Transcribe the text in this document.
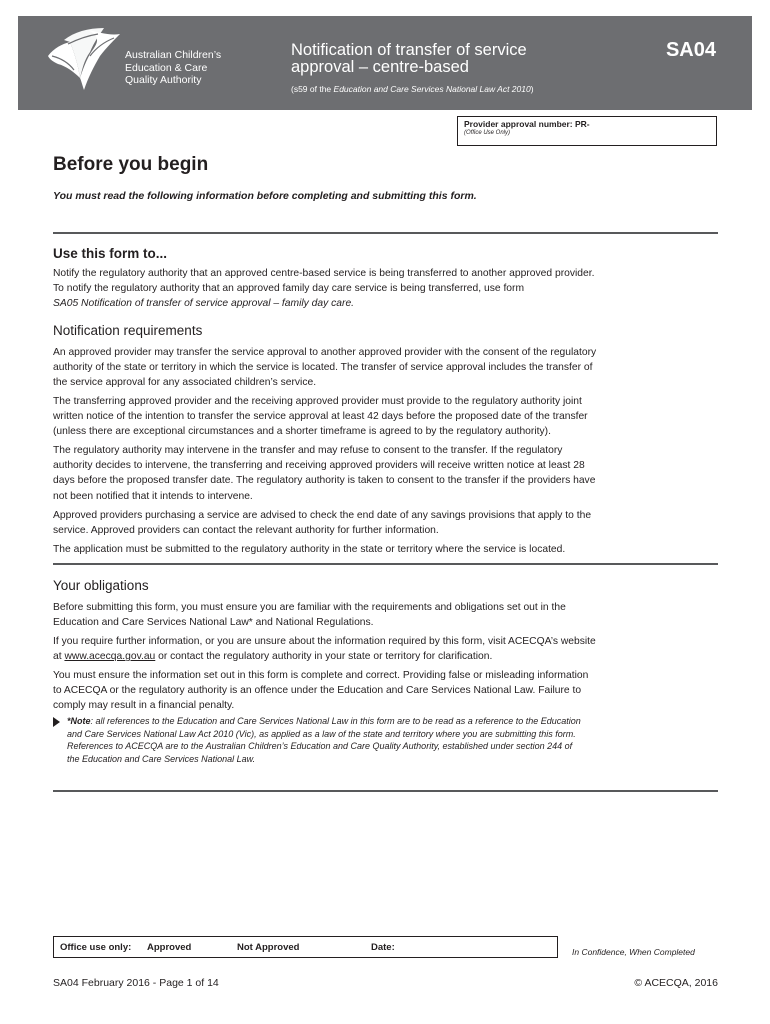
Australian Children’s
Education & Care
Quality Authority
Notification of transfer of service
approval – centre-based
(s59 of the Education and Care Services National Law Act 2010)
SA04
Provider approval number: PR-
(Office Use Only)
Before you begin
You must read the following information before completing and submitting this form.
Use this form to...
Notify the regulatory authority that an approved centre-based service is being transferred to another approved provider.
To notify the regulatory authority that an approved family day care service is being transferred, use form
SA05 Notification of transfer of service approval – family day care.
Notification requirements
An approved provider may transfer the service approval to another approved provider with the consent of the regulatory
authority of the state or territory in which the service is located. The transfer of service approval includes the transfer of
the service approval for any associated children’s service.
The transferring approved provider and the receiving approved provider must provide to the regulatory authority joint
written notice of the intention to transfer the service approval at least 42 days before the proposed date of the transfer
(unless there are exceptional circumstances and a shorter timeframe is agreed to by the regulatory authority).
The regulatory authority may intervene in the transfer and may refuse to consent to the transfer. If the regulatory
authority decides to intervene, the transferring and receiving approved providers will receive written notice at least 28
days before the proposed transfer date. The regulatory authority is taken to consent to the transfer if the providers have
not been notified that it intends to intervene.
Approved providers purchasing a service are advised to check the end date of any savings provisions that apply to the
service. Approved providers can contact the relevant authority for further information.
The application must be submitted to the regulatory authority in the state or territory where the service is located.
Your obligations
Before submitting this form, you must ensure you are familiar with the requirements and obligations set out in the
Education and Care Services National Law* and National Regulations.
If you require further information, or you are unsure about the information required by this form, visit ACECQA’s website
at www.acecqa.gov.au or contact the regulatory authority in your state or territory for clarification.
You must ensure the information set out in this form is complete and correct. Providing false or misleading information
to ACECQA or the regulatory authority is an offence under the Education and Care Services National Law. Failure to
comply may result in a financial penalty.
*Note: all references to the Education and Care Services National Law in this form are to be read as a reference to the Education
and Care Services National Law Act 2010 (Vic), as applied as a law of the state and territory where you are submitting this form.
References to ACECQA are to the Australian Children’s Education and Care Quality Authority, established under section 244 of
the Education and Care Services National Law.
Office use only: Approved	Not Approved	Date:	In Confidence, When Completed
SA04 February 2016 - Page 1 of 14	© ACECQA, 2016
